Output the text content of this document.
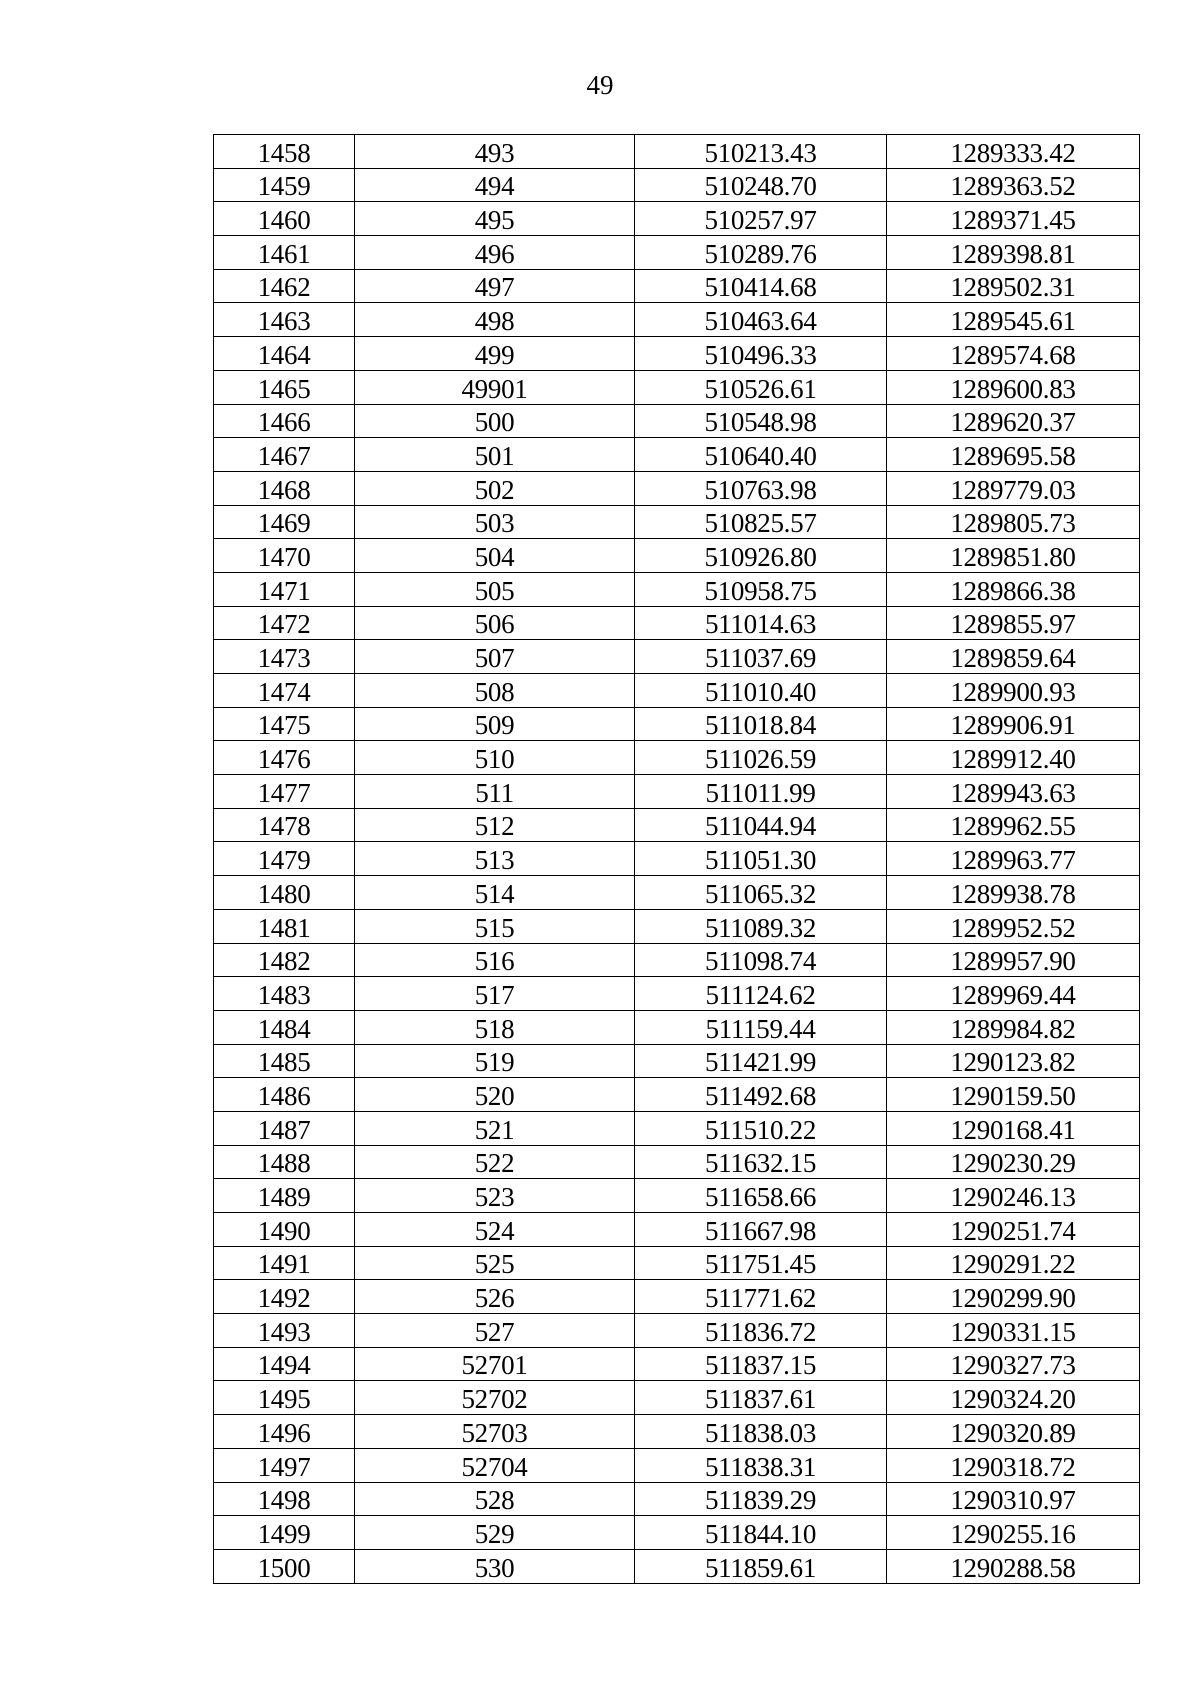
49
1458	493	510213.43	1289333.42
1459	494	510248.70	1289363.52
1460	495	510257.97	1289371.45
1461	496	510289.76	1289398.81
1462	497	510414.68	1289502.31
1463	498	510463.64	1289545.61
1464	499	510496.33	1289574.68
1465	49901	510526.61	1289600.83
1466	500	510548.98	1289620.37
1467	501	510640.40	1289695.58
1468	502	510763.98	1289779.03
1469	503	510825.57	1289805.73
1470	504	510926.80	1289851.80
1471	505	510958.75	1289866.38
1472	506	511014.63	1289855.97
1473	507	511037.69	1289859.64
1474	508	511010.40	1289900.93
1475	509	511018.84	1289906.91
1476	510	511026.59	1289912.40
1477	511	511011.99	1289943.63
1478	512	511044.94	1289962.55
1479	513	511051.30	1289963.77
1480	514	511065.32	1289938.78
1481	515	511089.32	1289952.52
1482	516	511098.74	1289957.90
1483	517	511124.62	1289969.44
1484	518	511159.44	1289984.82
1485	519	511421.99	1290123.82
1486	520	511492.68	1290159.50
1487	521	511510.22	1290168.41
1488	522	511632.15	1290230.29
1489	523	511658.66	1290246.13
1490	524	511667.98	1290251.74
1491	525	511751.45	1290291.22
1492	526	511771.62	1290299.90
1493	527	511836.72	1290331.15
1494	52701	511837.15	1290327.73
1495	52702	511837.61	1290324.20
1496	52703	511838.03	1290320.89
1497	52704	511838.31	1290318.72
1498	528	511839.29	1290310.97
1499	529	511844.10	1290255.16
1500	530	511859.61	1290288.58
